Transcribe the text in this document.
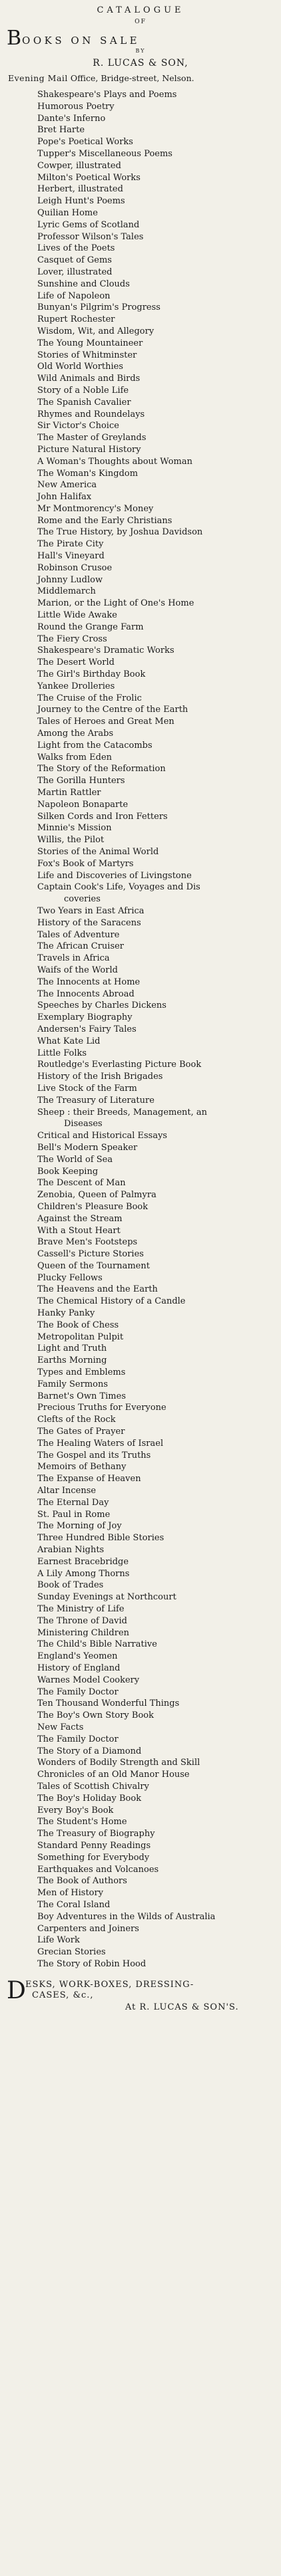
CATALOGUE
OF
B OOKS ON SALE
BY
R. LUCAS & SON,
Evening Mail Office, Bridge-street, Nelson.
Shakespeare's Plays and Poems
Humorous Poetry
Dante's Inferno
Bret Harte
Pope's Poetical Works
Tupper's Miscellaneous Poems
Cowper, illustrated
Milton's Poetical Works
Herbert, illustrated
Leigh Hunt's Poems
Quilian Home
Lyric Gems of Scotland
Professor Wilson's Tales
Lives of the Poets
Casquet of Gems
Lover, illustrated
Sunshine and Clouds
Life of Napoleon
Bunyan's Pilgrim's Progress
Rupert Rochester
Wisdom, Wit, and Allegory
The Young Mountaineer
Stories of Whitminster
Old World Worthies
Wild Animals and Birds
Story of a Noble Life
The Spanish Cavalier
Rhymes and Roundelays
Sir Victor's Choice
The Master of Greylands
Picture Natural History
A Woman's Thoughts about Woman
The Woman's Kingdom
New America
John Halifax
Mr Montmorency's Money
Rome and the Early Christians
The True History, by Joshua Davidson
The Pirate City
Hall's Vineyard
Robinson Crusoe
Johnny Ludlow
Middlemarch
Marion, or the Light of One's Home
Little Wide Awake
Round the Grange Farm
The Fiery Cross
Shakespeare's Dramatic Works
The Desert World
The Girl's Birthday Book
Yankee Drolleries
The Cruise of the Frolic
Journey to the Centre of the Earth
Tales of Heroes and Great Men
Among the Arabs
Light from the Catacombs
Walks from Eden
The Story of the Reformation
The Gorilla Hunters
Martin Rattler
Napoleon Bonaparte
Silken Cords and Iron Fetters
Minnie's Mission
Willis, the Pilot
Stories of the Animal World
Fox's Book of Martyrs
Life and Discoveries of Livingstone
Captain Cook's Life, Voyages and Dis
coveries
Two Years in East Africa
History of the Saracens
Tales of Adventure
The African Cruiser
Travels in Africa
Waifs of the World
The Innocents at Home
The Innocents Abroad
Speeches by Charles Dickens
Exemplary Biography
Andersen's Fairy Tales
What Kate Lid
Little Folks
Routledge's Everlasting Picture Book
History of the Irish Brigades
Live Stock of the Farm
The Treasury of Literature
Sheep : their Breeds, Management, an
Diseases
Critical and Historical Essays
Bell's Modern Speaker
The World of Sea
Book Keeping
The Descent of Man
Zenobia, Queen of Palmyra
Children's Pleasure Book
Against the Stream
With a Stout Heart
Brave Men's Footsteps
Cassell's Picture Stories
Queen of the Tournament
Plucky Fellows
The Heavens and the Earth
The Chemical History of a Candle
Hanky Panky
The Book of Chess
Metropolitan Pulpit
Light and Truth
Earths Morning
Types and Emblems
Family Sermons
Barnet's Own Times
Precious Truths for Everyone
Clefts of the Rock
The Gates of Prayer
The Healing Waters of Israel
The Gospel and its Truths
Memoirs of Bethany
The Expanse of Heaven
Altar Incense
The Eternal Day
St. Paul in Rome
The Morning of Joy
Three Hundred Bible Stories
Arabian Nights
Earnest Bracebridge
A Lily Among Thorns
Book of Trades
Sunday Evenings at Northcourt
The Ministry of Life
The Throne of David
Ministering Children
The Child's Bible Narrative
England's Yeomen
History of England
Warnes Model Cookery
The Family Doctor
Ten Thousand Wonderful Things
The Boy's Own Story Book
New Facts
The Family Doctor
The Story of a Diamond
Wonders of Bodily Strength and Skill
Chronicles of an Old Manor House
Tales of Scottish Chivalry
The Boy's Holiday Book
Every Boy's Book
The Student's Home
The Treasury of Biography
Standard Penny Readings
Something for Everybody
Earthquakes and Volcanoes
The Book of Authors
Men of History
The Coral Island
Boy Adventures in the Wilds of Australia
Carpenters and Joiners
Life Work
Grecian Stories
The Story of Robin Hood
D ESKS, WORK-BOXES, DRESSING-
CASES, &c.,
At R. LUCAS & SON'S.
